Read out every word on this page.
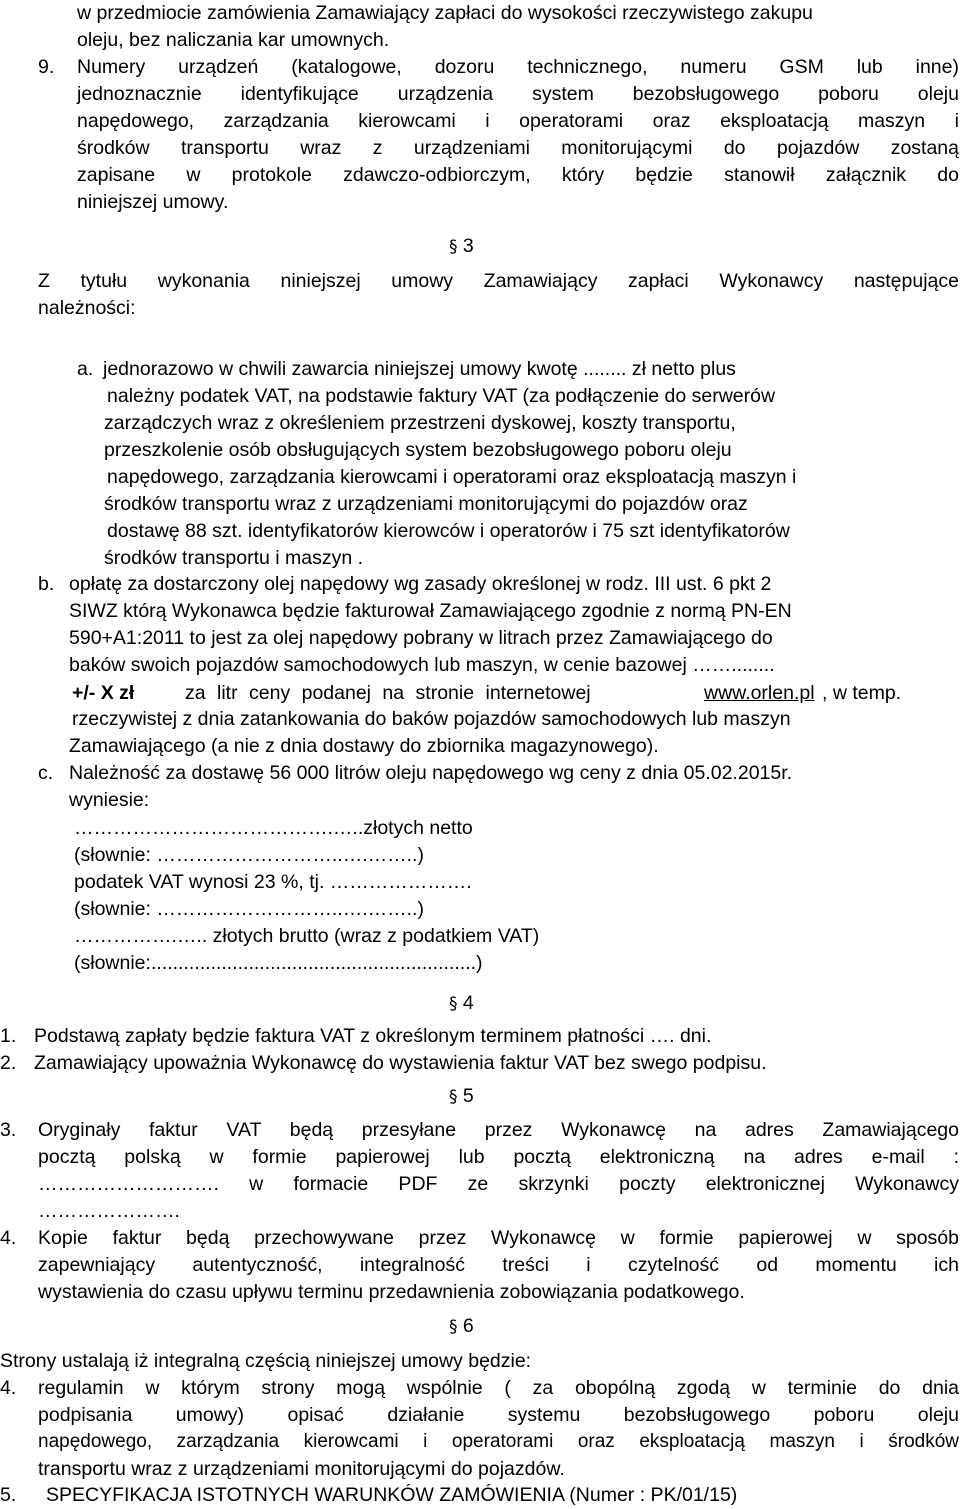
w przedmiocie zamówienia Zamawiający zapłaci do wysokości rzeczywistego zakupu
oleju, bez naliczania kar umownych.
9. Numery urządzeń (katalogowe, dozoru technicznego, numeru GSM lub inne)
jednoznacznie identyfikujące urządzenia system bezobsługowego poboru oleju
napędowego, zarządzania kierowcami i operatorami oraz eksploatacją maszyn i
środków transportu wraz z urządzeniami monitorującymi do pojazdów zostaną
zapisane w protokole zdawczo-odbiorczym, który będzie stanowił załącznik do
niniejszej umowy.
§ 3
Z tytułu wykonania niniejszej umowy Zamawiający zapłaci Wykonawcy następujące
należności:
a. jednorazowo w chwili zawarcia niniejszej umowy kwotę ........ zł netto plus
należny podatek VAT, na podstawie faktury VAT (za podłączenie do serwerów
zarządczych wraz z określeniem przestrzeni dyskowej, koszty transportu,
przeszkolenie osób obsługujących system bezobsługowego poboru oleju
napędowego, zarządzania kierowcami i operatorami oraz eksploatacją maszyn i
środków transportu wraz z urządzeniami monitorującymi do pojazdów oraz
dostawę 88 szt. identyfikatorów kierowców i operatorów i 75 szt identyfikatorów
środków transportu i maszyn .
b. opłatę za dostarczony olej napędowy wg zasady określonej w rodz. III ust. 6 pkt 2
SIWZ którą Wykonawca będzie fakturował Zamawiającego zgodnie z normą PN-EN
590+A1:2011 to jest za olej napędowy pobrany w litrach przez Zamawiającego do
baków swoich pojazdów samochodowych lub maszyn, w cenie bazowej ……........
+/- X zł	za litr ceny podanej na stronie internetowej	www.orlen.pl , w temp.
rzeczywistej z dnia zatankowania do baków pojazdów samochodowych lub maszyn
Zamawiającego (a nie z dnia dostawy do zbiornika magazynowego).
c. Należność za dostawę 56 000 litrów oleju napędowego wg ceny z dnia 05.02.2015r.
wyniesie:
………………………………….…..złotych netto
(słownie: ………………………..….……..)
podatek VAT wynosi 23 %, tj. ………………….
(słownie: ………………………..….……..)
…………….….. złotych brutto (wraz z podatkiem VAT)
(słownie:............................................................)
§ 4
1. Podstawą zapłaty będzie faktura VAT z określonym terminem płatności …. dni.
2. Zamawiający upoważnia Wykonawcę do wystawienia faktur VAT bez swego podpisu.
§ 5
3. Oryginały faktur VAT będą przesyłane przez Wykonawcę na adres Zamawiającego
pocztą polską w formie papierowej lub pocztą elektroniczną na adres e-mail :
………………………. w formacie PDF ze skrzynki poczty elektronicznej Wykonawcy
………………….
4. Kopie faktur będą przechowywane przez Wykonawcę w formie papierowej w sposób
zapewniający autentyczność, integralność treści i czytelność od momentu ich
wystawienia do czasu upływu terminu przedawnienia zobowiązania podatkowego.
§ 6
Strony ustalają iż integralną częścią niniejszej umowy będzie:
4. regulamin w którym strony mogą wspólnie ( za obopólną zgodą w terminie do dnia
podpisania umowy) opisać działanie systemu bezobsługowego poboru oleju
napędowego, zarządzania kierowcami i operatorami oraz eksploatacją maszyn i środków
transportu wraz z urządzeniami monitorującymi do pojazdów.
5. SPECYFIKACJA ISTOTNYCH WARUNKÓW ZAMÓWIENIA (Numer : PK/01/15)
